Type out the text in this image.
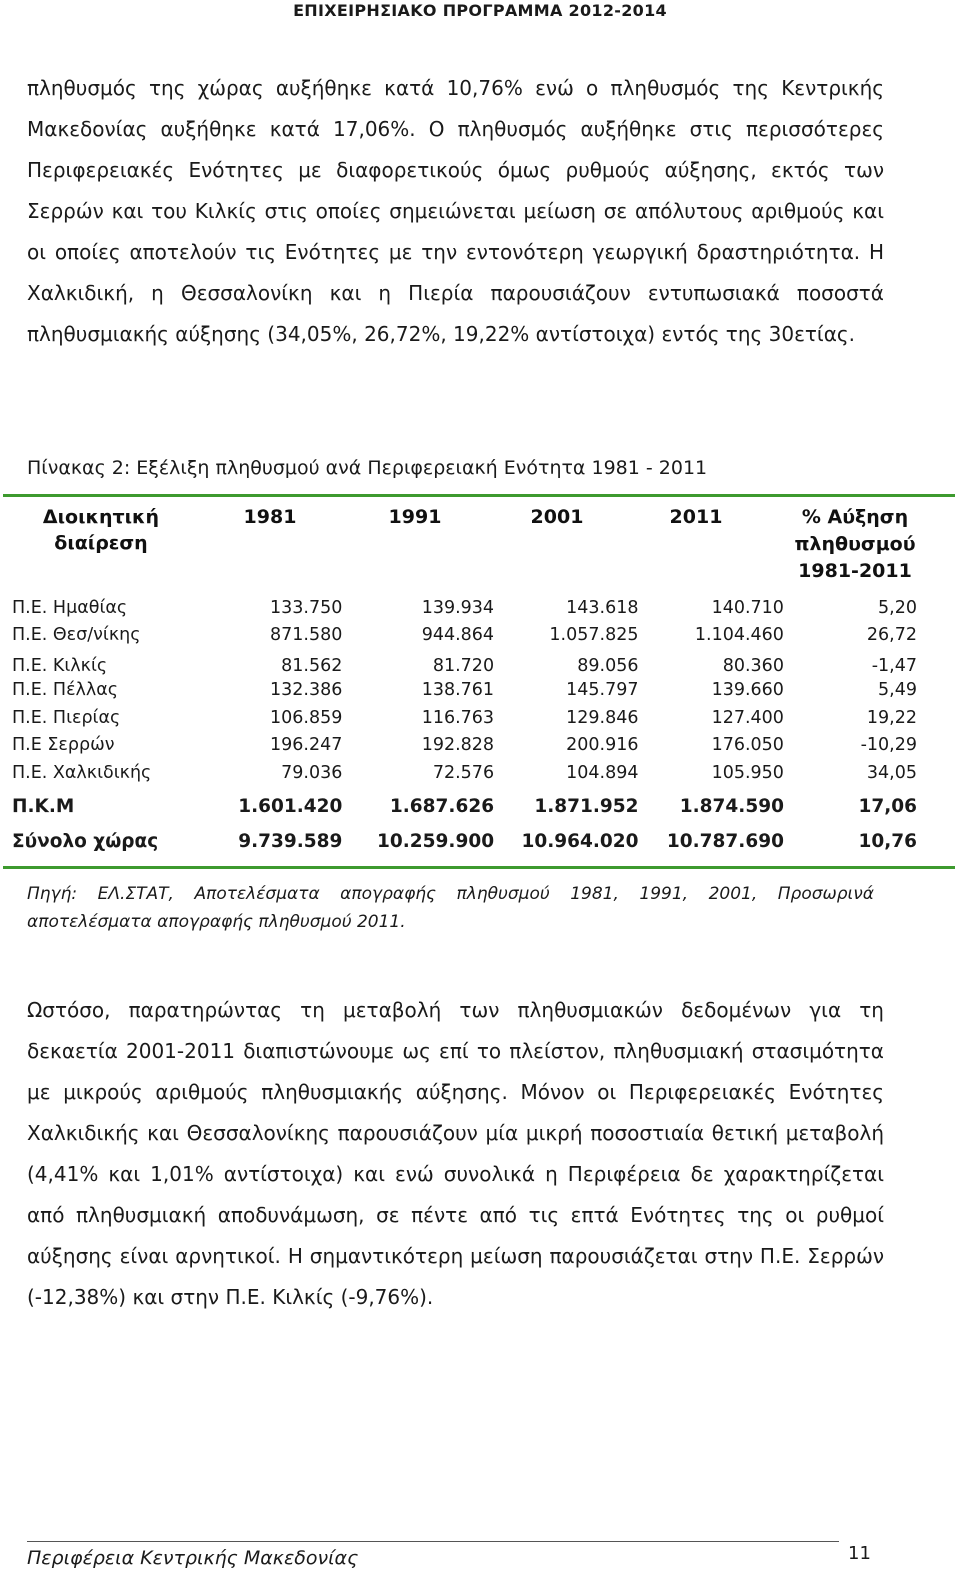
ΕΠΙΧΕΙΡΗΣΙΑΚΟ ΠΡΟΓΡΑΜΜΑ 2012-2014

πληθυσμός της χώρας αυξήθηκε κατά 10,76% ενώ ο πληθυσμός της Κεντρικής Μακεδονίας αυξήθηκε κατά 17,06%. Ο πληθυσμός αυξήθηκε στις περισσότερες Περιφερειακές Ενότητες με διαφορετικούς όμως ρυθμούς αύξησης, εκτός των Σερρών και του Κιλκίς στις οποίες σημειώνεται μείωση σε απόλυτους αριθμούς και οι οποίες αποτελούν τις Ενότητες με την εντονότερη γεωργική δραστηριότητα. Η Χαλκιδική, η Θεσσαλονίκη και η Πιερία παρουσιάζουν εντυπωσιακά ποσοστά πληθυσμιακής αύξησης (34,05%, 26,72%, 19,22% αντίστοιχα) εντός της 30ετίας.

Πίνακας 2: Εξέλιξη πληθυσμού ανά Περιφερειακή Ενότητα 1981 - 2011

Διοικητική
διαίρεση
1981	1991	2001	2011	% Αύξηση
πληθυσμού
1981-2011
Π.Ε. Ημαθίας	133.750	139.934	143.618	140.710	5,20
Π.Ε. Θεσ/νίκης	871.580	944.864	1.057.825	1.104.460	26,72
Π.Ε. Κιλκίς	81.562	81.720	89.056	80.360	-1,47
Π.Ε. Πέλλας	132.386	138.761	145.797	139.660	5,49
Π.Ε. Πιερίας	106.859	116.763	129.846	127.400	19,22
Π.Ε Σερρών	196.247	192.828	200.916	176.050	-10,29
Π.Ε. Χαλκιδικής	79.036	72.576	104.894	105.950	34,05
Π.Κ.Μ	1.601.420	1.687.626	1.871.952	1.874.590	17,06
Σύνολο χώρας	9.739.589	10.259.900	10.964.020	10.787.690	10,76

Πηγή: ΕΛ.ΣΤΑΤ, Αποτελέσματα απογραφής πληθυσμού 1981, 1991, 2001, Προσωρινά αποτελέσματα απογραφής πληθυσμού 2011.

Ωστόσο, παρατηρώντας τη μεταβολή των πληθυσμιακών δεδομένων για τη δεκαετία 2001-2011 διαπιστώνουμε ως επί το πλείστον, πληθυσμιακή στασιμότητα με μικρούς αριθμούς πληθυσμιακής αύξησης. Μόνον οι Περιφερειακές Ενότητες Χαλκιδικής και Θεσσαλονίκης παρουσιάζουν μία μικρή ποσοστιαία θετική μεταβολή (4,41% και 1,01% αντίστοιχα) και ενώ συνολικά η Περιφέρεια δε χαρακτηρίζεται από πληθυσμιακή αποδυνάμωση, σε πέντε από τις επτά Ενότητες της οι ρυθμοί αύξησης είναι αρνητικοί. Η σημαντικότερη μείωση παρουσιάζεται στην Π.Ε. Σερρών (-12,38%) και στην Π.Ε. Κιλκίς (-9,76%).

Περιφέρεια Κεντρικής Μακεδονίας	11
